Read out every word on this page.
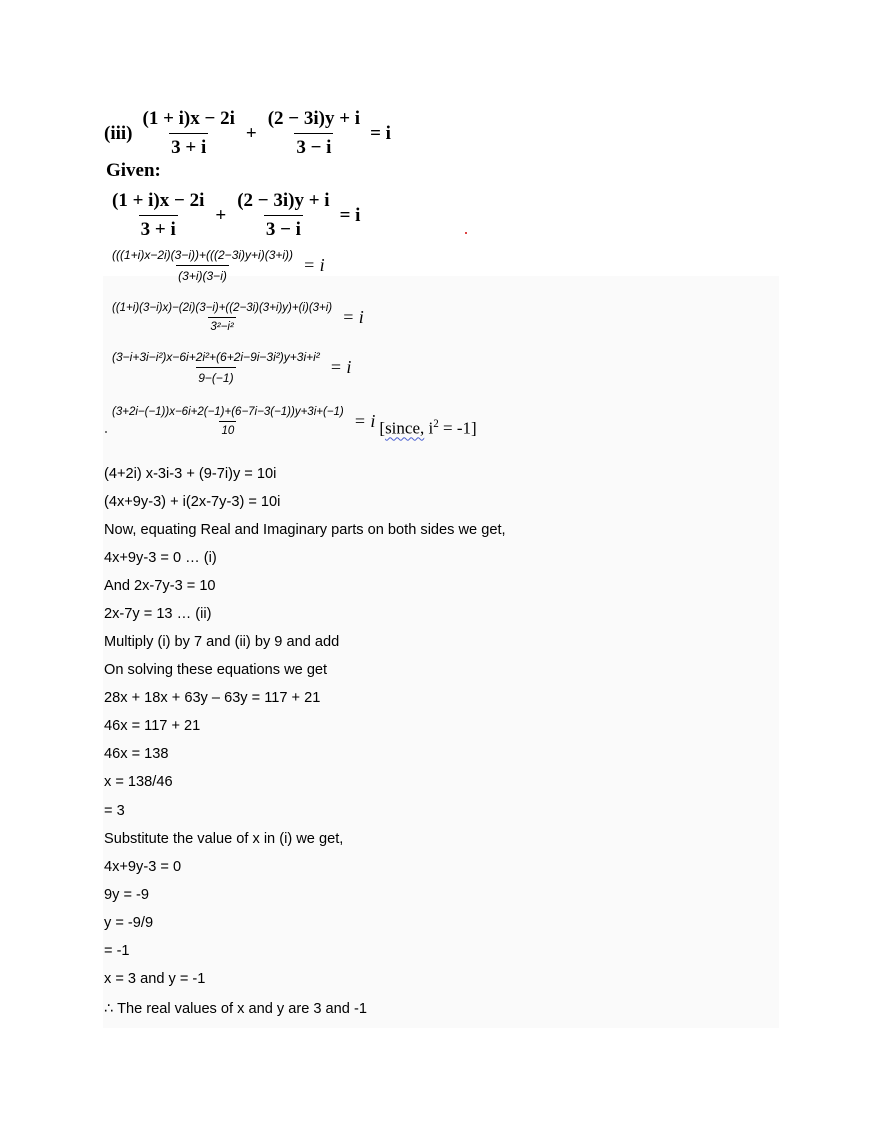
$(iii) \frac{(1 + i)x - 2i}{3 + i} + \frac{(2 - 3i)y + i}{3 - i} = i$
Given:
$\frac{(1 + i)x - 2i}{3 + i} + \frac{(2 - 3i)y + i}{3 - i} = i$
$\frac{(((1+i)x-2i)(3-i))+(((2-3i)y+i)(3+i))}{(3+i)(3-i)} = i$
$\frac{((1+i)(3-i)x)-(2i)(3-i)+((2-3i)(3+i)y)+(i)(3+i)}{\text{3²−i²}} = i$
$\frac{\text{(3−i+3i−i²)x−6i+2i²+(6+2i−9i−3i²)y+3i+i²}}{9-(-1)} = i$
$\frac{(3+2i-(-1))x-6i+2(-1)+(6-7i-3(-1))y+3i+(-1)}{10} = i$ [since, $i^2 = -1$]
(4+2i) x-3i-3 + (9-7i)y = 10i
(4x+9y-3) + i(2x-7y-3) = 10i
Now, equating Real and Imaginary parts on both sides we get,
4x+9y-3 = 0 … (i)
And 2x-7y-3 = 10
2x-7y = 13 … (ii)
Multiply (i) by 7 and (ii) by 9 and add
On solving these equations we get
28x + 18x + 63y – 63y = 117 + 21
46x = 117 + 21
46x = 138
x = 138/46
= 3
Substitute the value of x in (i) we get,
4x+9y-3 = 0
9y = -9
y = -9/9
= -1
x = 3 and y = -1
∴ The real values of x and y are 3 and -1
